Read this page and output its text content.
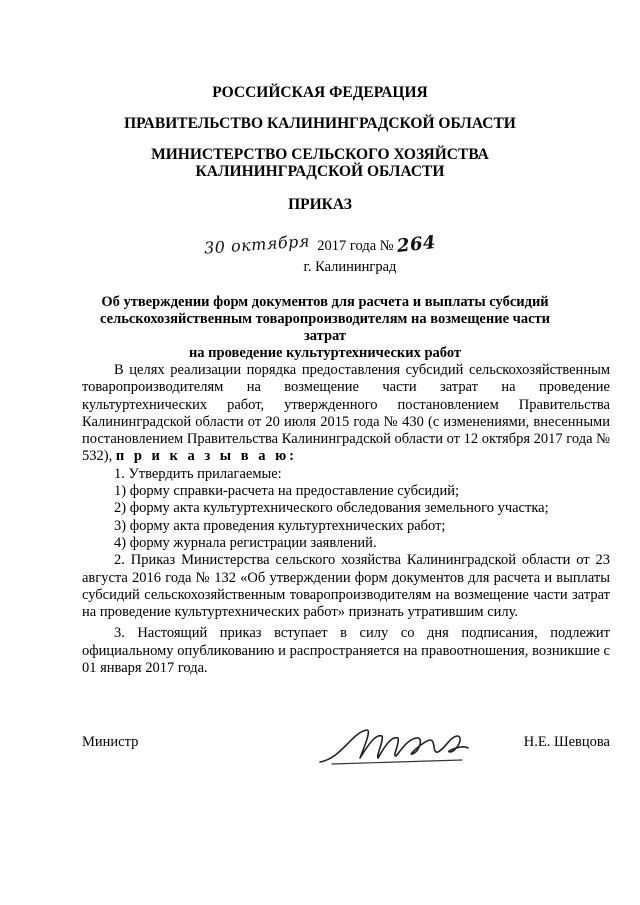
РОССИЙСКАЯ ФЕДЕРАЦИЯ
ПРАВИТЕЛЬСТВО КАЛИНИНГРАДСКОЙ ОБЛАСТИ
МИНИСТЕРСТВО СЕЛЬСКОГО ХОЗЯЙСТВА
КАЛИНИНГРАДСКОЙ ОБЛАСТИ
ПРИКАЗ
30 октября 2017 года № 264
г. Калининград
Об утверждении форм документов для расчета и выплаты субсидий
сельскохозяйственным товаропроизводителям на возмещение части затрат
на проведение культуртехнических работ

В целях реализации порядка предоставления субсидий сельскохозяйственным товаропроизводителям на возмещение части затрат на проведение культуртехнических работ, утвержденного постановлением Правительства Калининградской области от 20 июля 2015 года № 430 (с изменениями, внесенными постановлением Правительства Калининградской области от 12 октября 2017 года № 532), п р и к а з ы в а ю:

1. Утвердить прилагаемые:

1) форму справки-расчета на предоставление субсидий;

2) форму акта культуртехнического обследования земельного участка;

3) форму акта проведения культуртехнических работ;

4) форму журнала регистрации заявлений.

2. Приказ Министерства сельского хозяйства Калининградской области от 23 августа 2016 года № 132 «Об утверждении форм документов для расчета и выплаты субсидий сельскохозяйственным товаропроизводителям на возмещение части затрат на проведение культуртехнических работ» признать утратившим силу.

3. Настоящий приказ вступает в силу со дня подписания, подлежит официальному опубликованию и распространяется на правоотношения, возникшие с 01 января 2017 года.

Министр	Н.Е. Шевцова
